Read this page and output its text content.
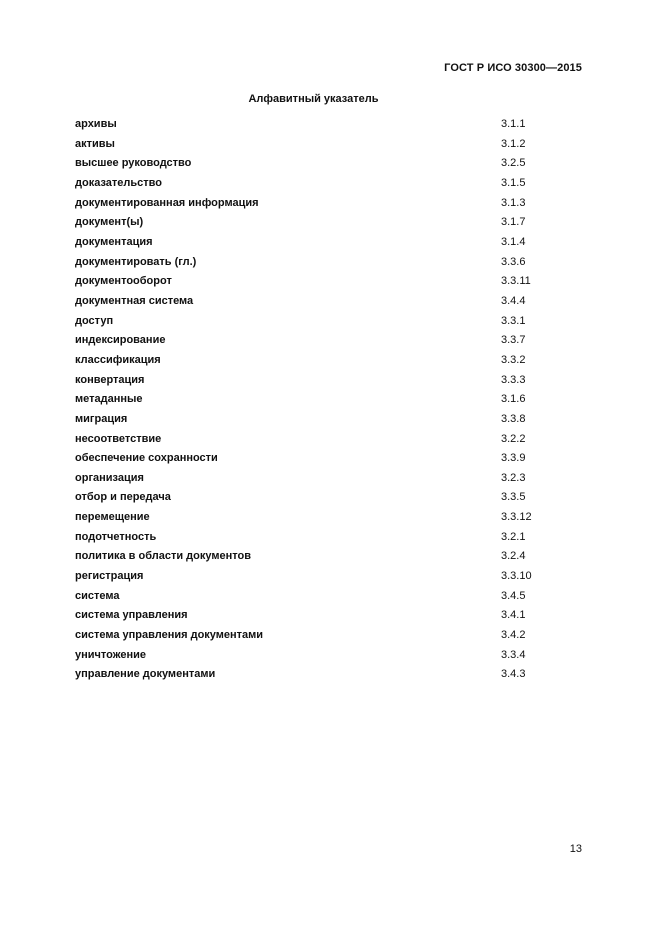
ГОСТ Р ИСО 30300—2015
Алфавитный указатель
архивы	3.1.1
активы	3.1.2
высшее руководство	3.2.5
доказательство	3.1.5
документированная информация	3.1.3
документ(ы)	3.1.7
документация	3.1.4
документировать (гл.)	3.3.6
документооборот	3.3.11
документная система	3.4.4
доступ	3.3.1
индексирование	3.3.7
классификация	3.3.2
конвертация	3.3.3
метаданные	3.1.6
миграция	3.3.8
несоответствие	3.2.2
обеспечение сохранности	3.3.9
организация	3.2.3
отбор и передача	3.3.5
перемещение	3.3.12
подотчетность	3.2.1
политика в области документов	3.2.4
регистрация	3.3.10
система	3.4.5
система управления	3.4.1
система управления документами	3.4.2
уничтожение	3.3.4
управление документами	3.4.3
13
